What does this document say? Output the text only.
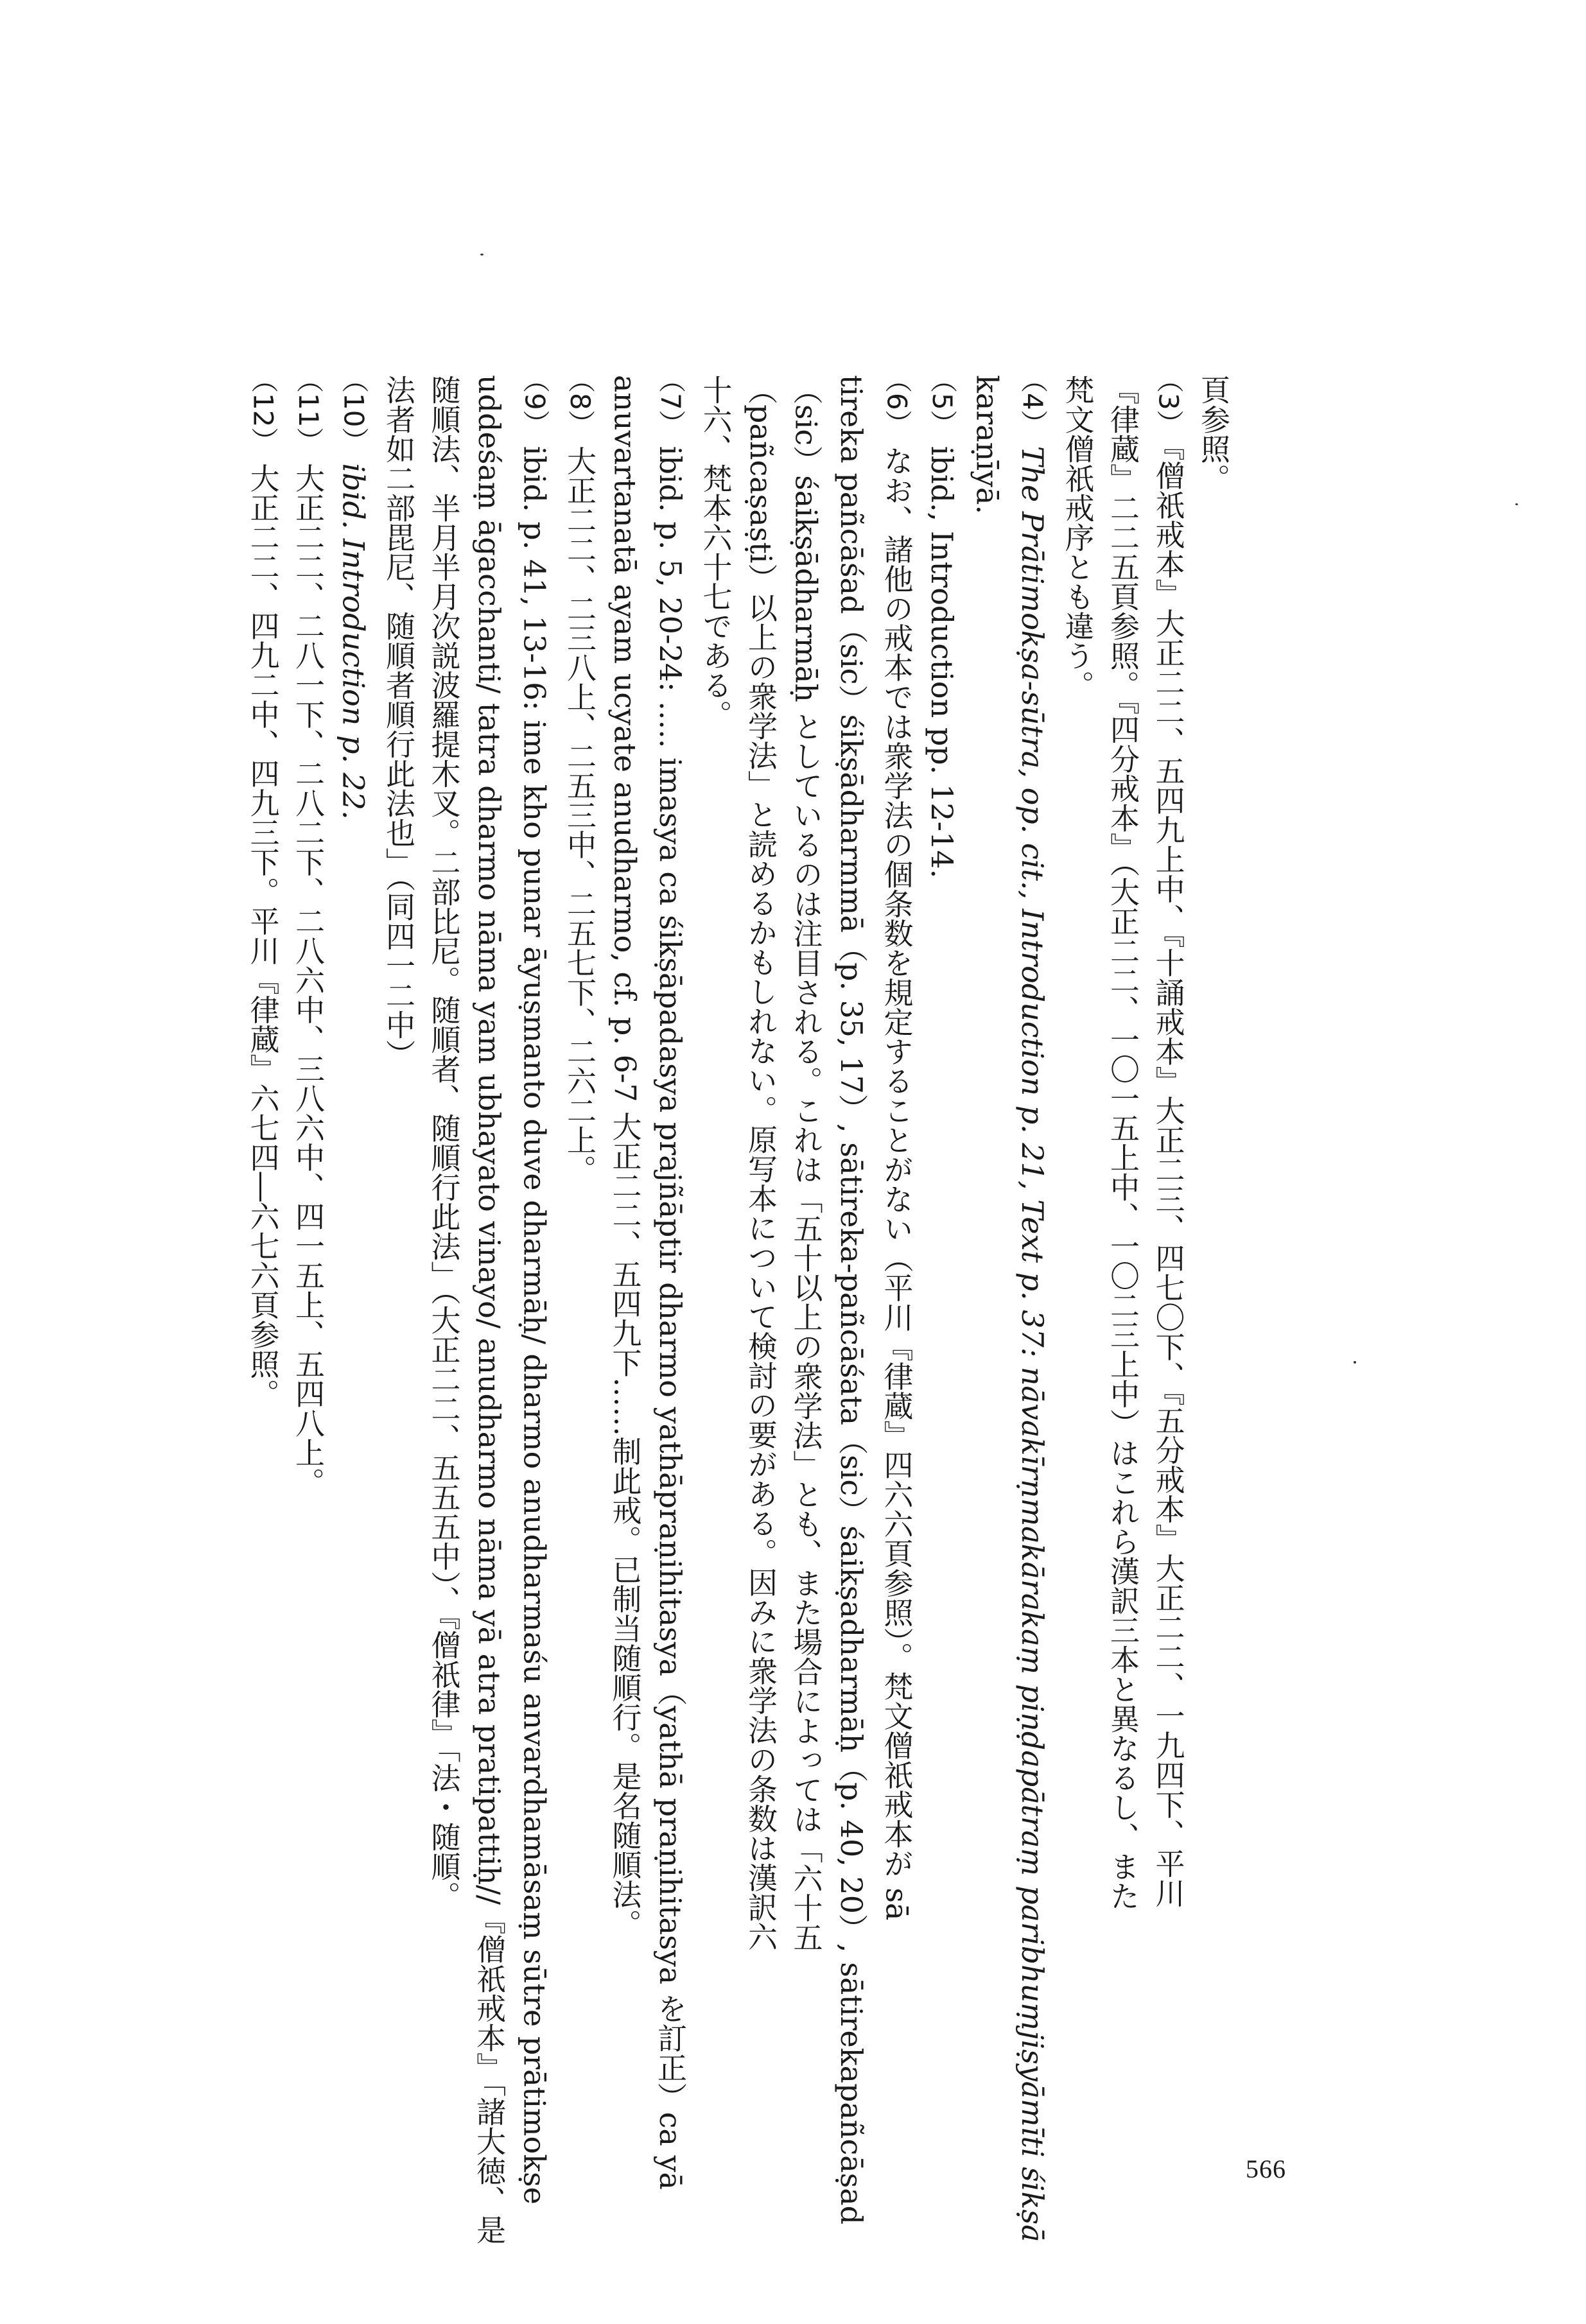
566
頁参照。
（3）『僧祇戒本』大正二二、五四九上中、『十誦戒本』大正二三、四七〇下、『五分戒本』大正二二、一九四下、平川
『律蔵』二二五頁参照。『四分戒本』（大正二二、一〇一五上中、一〇二三上中）はこれら漢訳三本と異なるし、また
梵文僧祇戒序とも違う。
（4）The Prātimokṣa-sūtra, op. cit., Introduction p. 21, Text p. 37: nāvakīrṇmakārakaṃ piṇḍapātraṃ paribhuṃjiṣyāmīti śikṣā
karaṇīyā.
（5）ibid., Introduction pp. 12-14.
（6）なお、諸他の戒本では衆学法の個条数を規定することがない（平川『律蔵』四六六頁参照）。梵文僧祇戒本が sā
tireka pañcāśad（sic）śikṣādharmmā（p. 35, 17）, sātireka-pañcāśata（sic）śaikṣadharmāḥ（p. 40, 20）, sātirekapañcāṣad
（sic）śaikṣādharmāḥ としているのは注目される。これは「五十以上の衆学法」とも、また場合によっては「六十五
（pañcaṣaṣṭi）以上の衆学法」と読めるかもしれない。原写本について検討の要がある。因みに衆学法の条数は漢訳六
十六、梵本六十七である。
（7）ibid. p. 5, 20-24: ..... imasya ca śikṣāpadasya prajñāptir dharmo yathāpraṇihitasya（yathā praṇihitasya を訂正）ca yā
anuvartanatā ayam ucyate anudharmo, cf. p. 6-7 大正二二、五四九下……制此戒。已制当随順行。是名随順法。
（8）大正二二、二三八上、二五三中、二五七下、二六二上。
（9）ibid. p. 41, 13-16: ime kho punar āyuṣmanto duve dharmāḥ/ dharmo anudharmaśu anvardhamāsaṃ sūtre prātimokṣe
uddeśaṃ āgacchanti/ tatra dharmo nāma yam ubhayato vinayo/ anudharmo nāma yā atra pratipattiḥ//『僧祇戒本』「諸大徳、是
随順法、半月半月次説波羅提木叉。二部比尼。随順者、随順行此法」（大正二二、五五五中）、『僧祇律』「法・随順。
法者如二部毘尼、随順者順行此法也」（同四一二中）
（10）ibid. Introduction p. 22.
（11）大正二二、二八一下、二八二下、二八六中、三八六中、四一五上、五四八上。
（12）大正二二、四九二中、四九三下。平川『律蔵』六七四―六七六頁参照。
